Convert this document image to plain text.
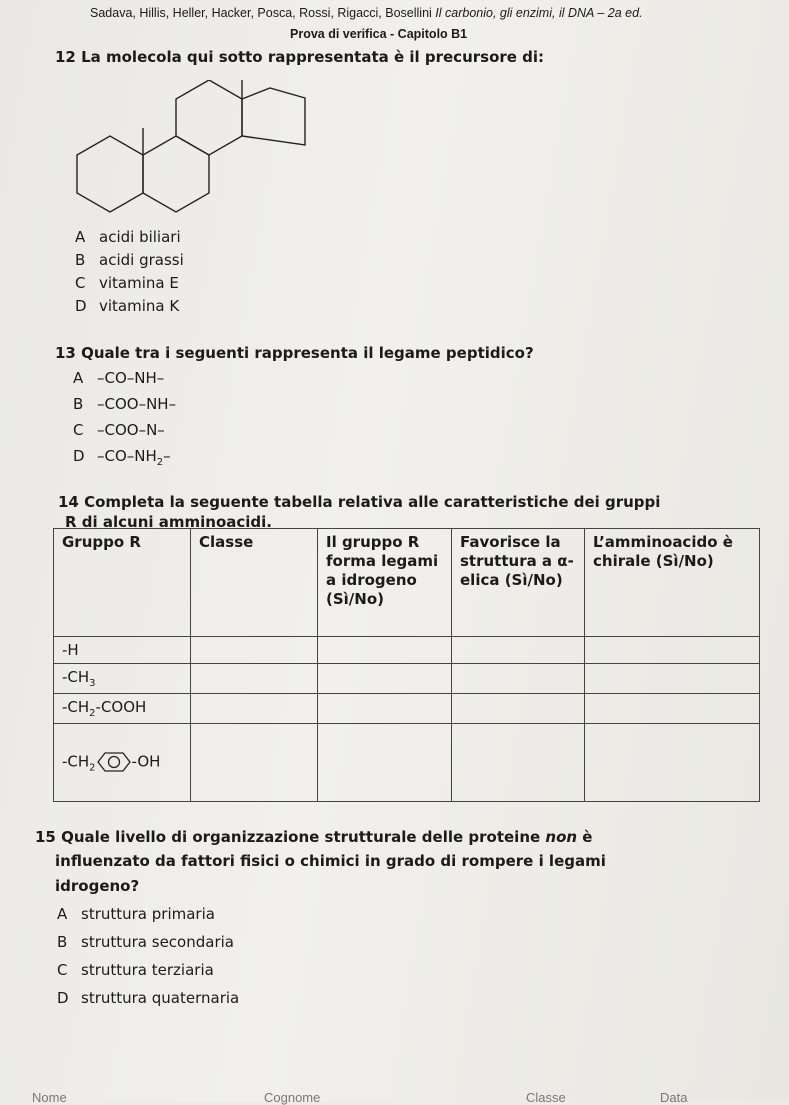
Sadava, Hillis, Heller, Hacker, Posca, Rossi, Rigacci, Bosellini Il carbonio, gli enzimi, il DNA – 2a ed.
Prova di verifica - Capitolo B1
12 La molecola qui sotto rappresentata è il precursore di:
A acidi biliari
B acidi grassi
C vitamina E
D vitamina K
13 Quale tra i seguenti rappresenta il legame peptidico?
A –CO–NH–
B –COO–NH–
C –COO–N–
D $-CO-NH_2-$
14 Completa la seguente tabella relativa alle caratteristiche dei gruppi
R di alcuni amminoacidi.
Gruppo R	Classe	Il gruppo R forma legami a idrogeno (Sì/No)	Favorisce la struttura a α-elica (Sì/No)	L’amminoacido è chirale (Sì/No)
-H				
$-CH_3$				
$-CH_2$-COOH				
$-CH_2$ -OH				
15 Quale livello di organizzazione strutturale delle proteine non è
influenzato da fattori fisici o chimici in grado di rompere i legami
idrogeno?
A struttura primaria
B struttura secondaria
C struttura terziaria
D struttura quaternaria
Nome	Cognome	Classe	Data
